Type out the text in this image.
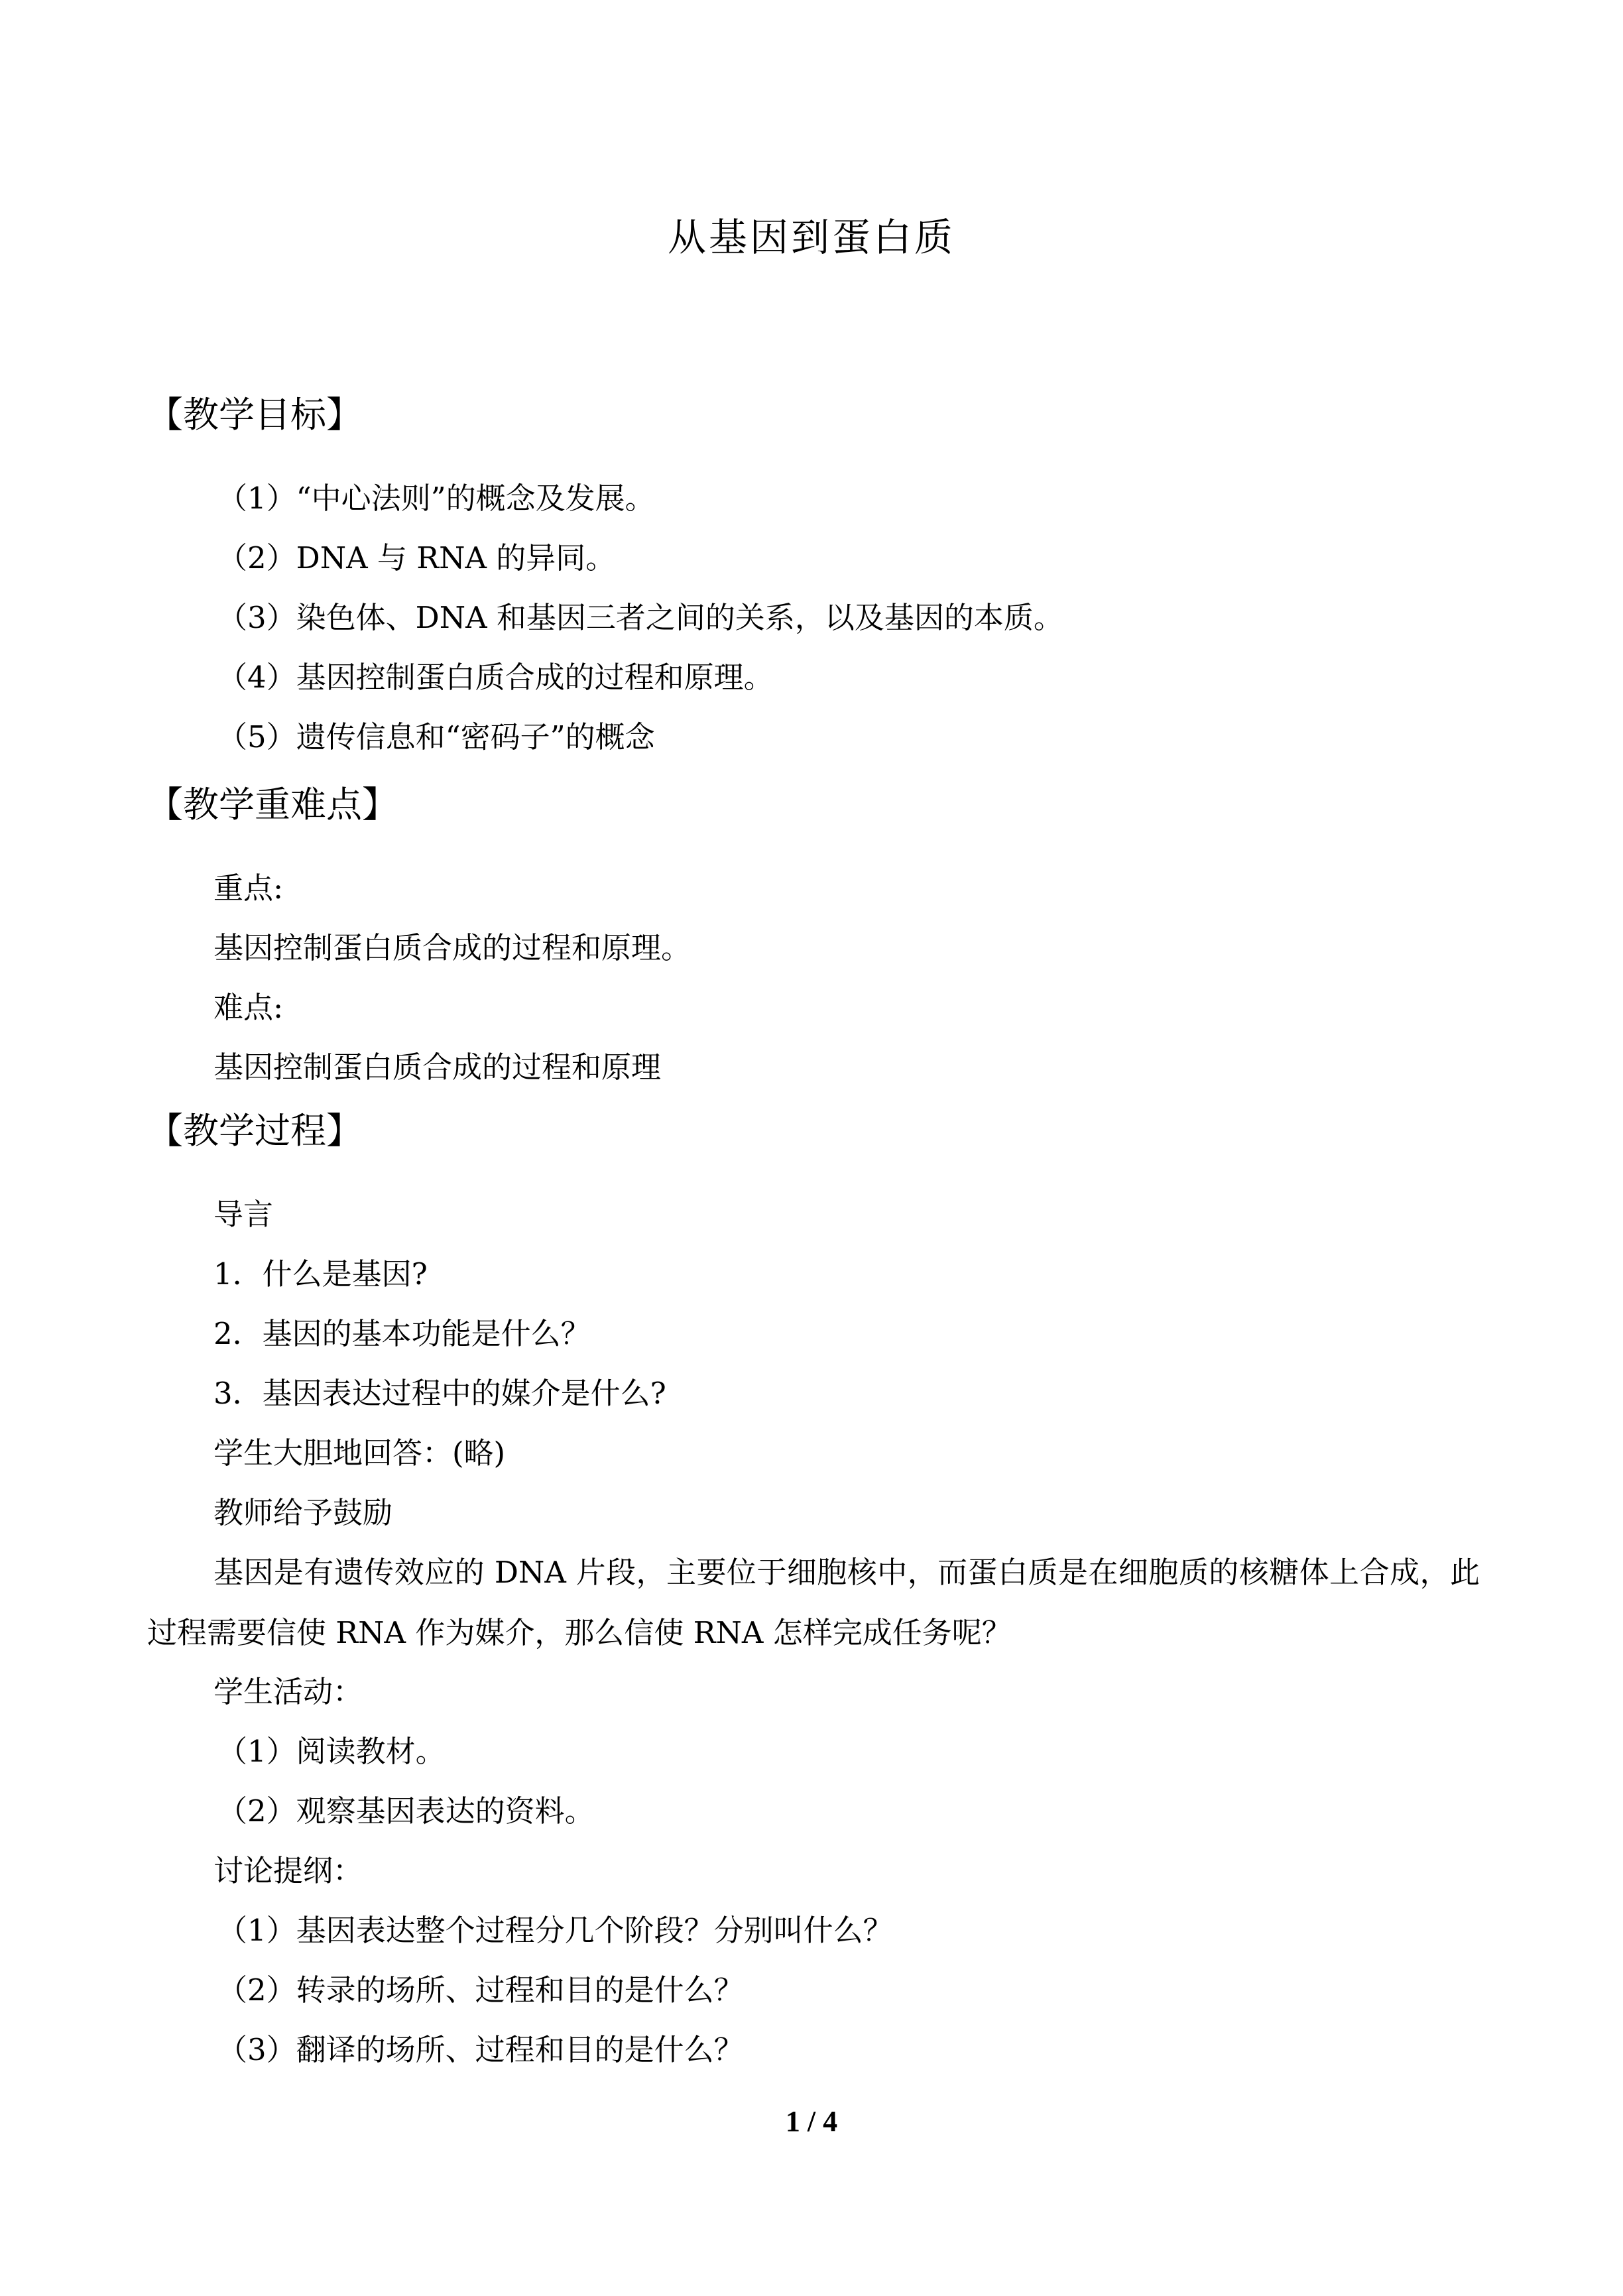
从基因到蛋白质
【教学目标】
（1）“中心法则”的概念及发展。
（2）DNA 与 RNA 的异同。
（3）染色体、DNA 和基因三者之间的关系，以及基因的本质。
（4）基因控制蛋白质合成的过程和原理。
（5）遗传信息和“密码子”的概念
【教学重难点】
重点:
基因控制蛋白质合成的过程和原理。
难点:
基因控制蛋白质合成的过程和原理
【教学过程】
导言
1．什么是基因?
2．基因的基本功能是什么？
3．基因表达过程中的媒介是什么?
学生大胆地回答：(略)
教师给予鼓励
基因是有遗传效应的 DNA 片段，主要位于细胞核中，而蛋白质是在细胞质的核糖体上合成，此过程需要信使 RNA 作为媒介，那么信使 RNA 怎样完成任务呢？
学生活动：
（1）阅读教材。
（2）观察基因表达的资料。
讨论提纲：
（1）基因表达整个过程分几个阶段？分别叫什么？
（2）转录的场所、过程和目的是什么？
（3）翻译的场所、过程和目的是什么？
1 / 4
